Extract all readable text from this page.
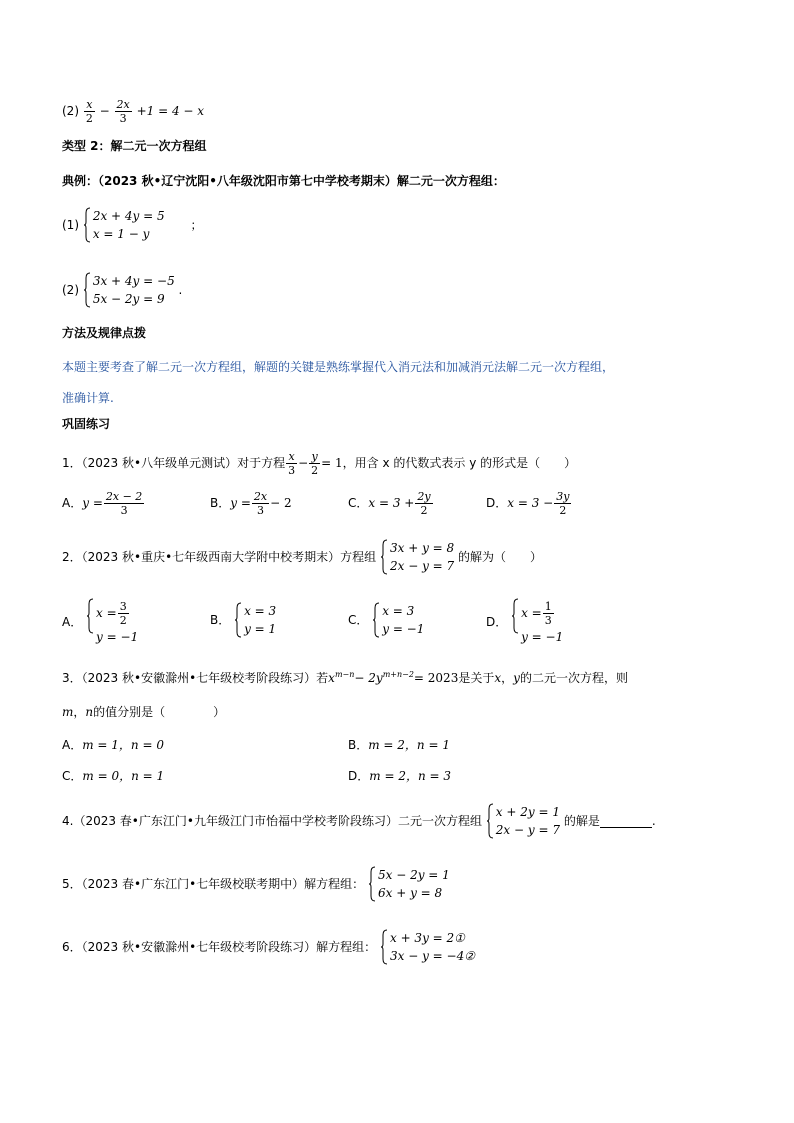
$(2) \frac{x}{2} - \frac{2x}{3} +1 = 4 - x$
类型 2：解二元一次方程组
典例：（2023 秋•辽宁沈阳•八年级沈阳市第七中学校考期末）解二元一次方程组：
(1)
2x + 4y = 5
x = 1 − y
；
(2)
3x + 4y = −5
5x − 2y = 9
.
方法及规律点拨
本题主要考查了解二元一次方程组，解题的关键是熟练掌握代入消元法和加减消元法解二元一次方程组，
准确计算.
巩固练习
1．（2023 秋•八年级单元测试）对于方程 $\frac{x}{3} - \frac{y}{2} = 1$，用含 x 的代数式表示 y 的形式是（　　）
A．$y = \frac{2x - 2}{3}$	B．$y = \frac{2x}{3} - 2$	C．$x = 3 + \frac{2y}{2}$	D．$x = 3 - \frac{3y}{2}$
2．（2023 秋•重庆•七年级西南大学附中校考期末）方程组
3x + y = 8
2x − y = 7
的解为（　　）
A．
$x = \frac{3}{2}$
y = −1
B．
x = 3
y = 1
C．
x = 3
y = −1	D．
$x = \frac{1}{3}$
y = −1
3．（2023 秋•安徽滁州•七年级校考阶段练习）若$x^{m-n}- 2y^{m+n-2}= 2023$是关于x，y的二元一次方程，则
m，n的值分别是（　　　　）
A．m = 1，n = 0	B．m = 2，n = 1
C．m = 0，n = 1	D．m = 2，n = 3
4.（2023 春•广东江门•九年级江门市怡福中学校考阶段练习）二元一次方程组
x + 2y = 1
2x − y = 7
的解是	.
5．（2023 春•广东江门•七年级校联考期中）解方程组：
5x − 2y = 1
6x + y = 8
6．（2023 秋•安徽滁州•七年级校考阶段练习）解方程组：
x + 3y = 2①
3x − y = −4②
